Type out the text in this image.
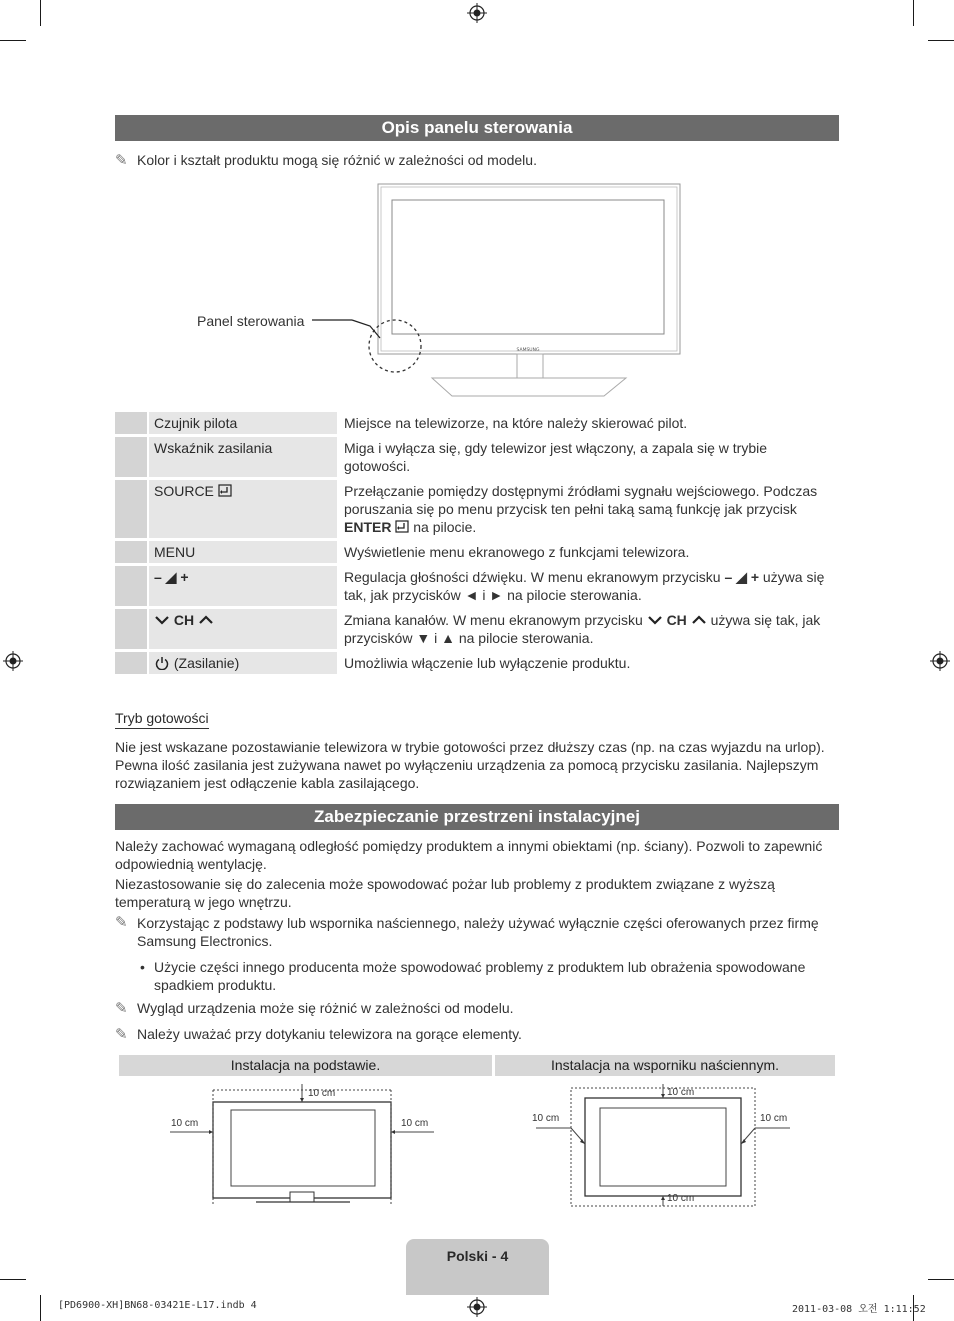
Opis panelu sterowania
✎ Kolor i kształt produktu mogą się różnić w zależności od modelu.
SAMSUNG
Panel sterowania
Czujnik pilota	Miejsce na telewizorze, na które należy skierować pilot.
Wskaźnik zasilania	Miga i wyłącza się, gdy telewizor jest włączony, a zapala się w trybie gotowości.
SOURCE	Przełączanie pomiędzy dostępnymi źródłami sygnału wejściowego. Podczas poruszania się po menu przycisk ten pełni taką samą funkcję jak przycisk ENTER na pilocie.
MENU	Wyświetlenie menu ekranowego z funkcjami telewizora.
– ◢ +	Regulacja głośności dźwięku. W menu ekranowym przycisku – ◢ + używa się tak, jak przycisków ◄ i ► na pilocie sterowania.
CH	Zmiana kanałów. W menu ekranowym przycisku CH używa się tak, jak przycisków ▼ i ▲ na pilocie sterowania.
(Zasilanie)	Umożliwia włączenie lub wyłączenie produktu.
Tryb gotowości
Nie jest wskazane pozostawianie telewizora w trybie gotowości przez dłuższy czas (np. na czas wyjazdu na urlop). Pewna ilość zasilania jest zużywana nawet po wyłączeniu urządzenia za pomocą przycisku zasilania. Najlepszym rozwiązaniem jest odłączenie kabla zasilającego.
Zabezpieczanie przestrzeni instalacyjnej
Należy zachować wymaganą odległość pomiędzy produktem a innymi obiektami (np. ściany). Pozwoli to zapewnić odpowiednią wentylację.
Niezastosowanie się do zalecenia może spowodować pożar lub problemy z produktem związane z wyższą temperaturą w jego wnętrzu.
✎ Korzystając z podstawy lub wspornika naściennego, należy używać wyłącznie części oferowanych przez firmę Samsung Electronics.
• Użycie części innego producenta może spowodować problemy z produktem lub obrażenia spowodowane spadkiem produktu.
✎ Wygląd urządzenia może się różnić w zależności od modelu.
✎ Należy uważać przy dotykaniu telewizora na gorące elementy.
Instalacja na podstawie.	Instalacja na wsporniku naściennym.
10 cm
10 cm	10 cm
10 cm
10 cm	10 cm
10 cm
Polski - 4
[PD6900-XH]BN68-03421E-L17.indb 4	2011-03-08 오전 1:11:52
